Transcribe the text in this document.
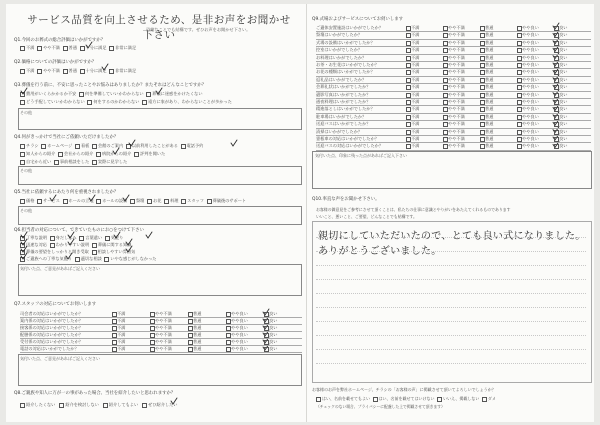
サービス品質を向上させるため、是非お声をお聞かせ下さい
恐縮なことでも結構です。ぜひお声をお聞かせ下さい。
Q1.今回のお葬式の総合評価はいかがですか？
不満 やや不満 普通 十分に満足 非常に満足
Q2.価格についての評価はいかがですか？
不満 やや不満 普通 十分に満足 非常に満足
Q3.葬儀を行う前に、不安に思ったことやお悩みはありましたか？またそれはどんなことですか？
費用がいくらかかるか不安 何を準備していいかわからない 葬儀に迷惑をかけたくない
どう手配していいかわからない 何をするのかわからない 遠方に家があり、わからないことが多かった
その他
Q4.何がきっかけで当社にご依頼いただけましたか？
チラシ ホームページ 看板 会館のご案内 以前利用したことがある 電話予約
知人からの紹介 会社からの紹介 病院からの紹介 評判を聞いた
自宅から近い 事前相談をした 実際に見学した
その他
Q5.当社に依頼するにあたり何を重視されましたか？
価格 サービス ホールの立地 ホールの設備 祭壇 お花 料理 スタッフ 葬儀後のサポート
その他
Q6.担当者の対応について、できていたものにお○をつけて下さい
丁寧な説明 身だしなみ 言葉遣い 気配り
迅速な対応 わかりやすい説明 葬儀に関する知識
葬儀の要望をしっかりと聞き受取 相談しやすい雰囲気
ご遺族への丁寧な気配り 適切な相談 いやな感じがしなかった
気付いた点、ご意見があればご記入ください
Q7.スタッフの対応についてお伺いします
気付いた点、ご意見があればご記入ください
Q8.ご親族や知人に万が一の事があった場合、当社を紹介したいと思われますか？
紹介したくない 紹介を検討しない 紹介してもよい ぜひ紹介したい
Q9.式場およびサービスについてお伺いします
気付いた点、印象に残った点があればご記入下さい
Q10.率直な声をお聞かせ下さい。
お客様の御意見をご参考にさせて頂くことは、私たちの仕事に意識とやりがいをあたえてくれるものであります
いいこと、悪いこと、ご要望、どんなことでも結構です。
親切にしていただいたので、とても良い式になりました。
ありがとうございました。
お客様のお声を弊社ホームページ、チラシの「お客様の声」に掲載させて頂いてよろしいでしょうか？
はい、名前を載せてもよい はい、名前を載せてはいけない いいえ、掲載しない ダメ
（チェックのない場合、プライバシーに配慮した上で掲載させて頂きます）
司会者の対応はいかがでしたか？	不満	やや不満	普通	やや良い	良い
案内係の対応はいかがでしたか？	不満	やや不満	普通	やや良い	良い
接客係の対応はいかがでしたか？	不満	やや不満	普通	やや良い	良い
配膳係の対応はいかがでしたか？	不満	やや不満	普通	やや良い	良い
受付係の対応はいかがでしたか？	不満	やや不満	普通	やや良い	良い
電話の対応はいかがでしたか？	不満	やや不満	普通	やや良い	良い
ご遺体安置施設はいかがでしたか？	不満	やや不満	普通	やや良い	良い
祭壇はいかがでしたか？	不満	やや不満	普通	やや良い	良い
式場の設備はいかがでしたか？	不満	やや不満	普通	やや良い	良い
控室はいかがでしたか？	不満	やや不満	普通	やや良い	良い
お料理はいかがでしたか？	不満	やや不満	普通	やや良い	良い
お茶・お生花はいかがでしたか？	不満	やや不満	普通	やや良い	良い
お花の種類はいかがでしたか？	不満	やや不満	普通	やや良い	良い
返礼品はいかがでしたか？	不満	やや不満	普通	やや良い	良い
会葬礼状はいかがでしたか？	不満	やや不満	普通	やや良い	良い
遺影写真はいかがでしたか？	不満	やや不満	普通	やや良い	良い
通夜料理はいかがでしたか？	不満	やや不満	普通	やや良い	良い
精進落としはいかがでしたか？	不満	やや不満	普通	やや良い	良い
駐車場はいかがでしたか？	不満	やや不満	普通	やや良い	良い
送迎バスはいかがでしたか？	不満	やや不満	普通	やや良い	良い
清掃はいかがでしたか？	不満	やや不満	普通	やや良い	良い
霊柩車の対応はいかがでしたか？	不満	やや不満	普通	やや良い	良い
送迎バスの対応はいかがでしたか？	不満	やや不満	普通	やや良い	良い
